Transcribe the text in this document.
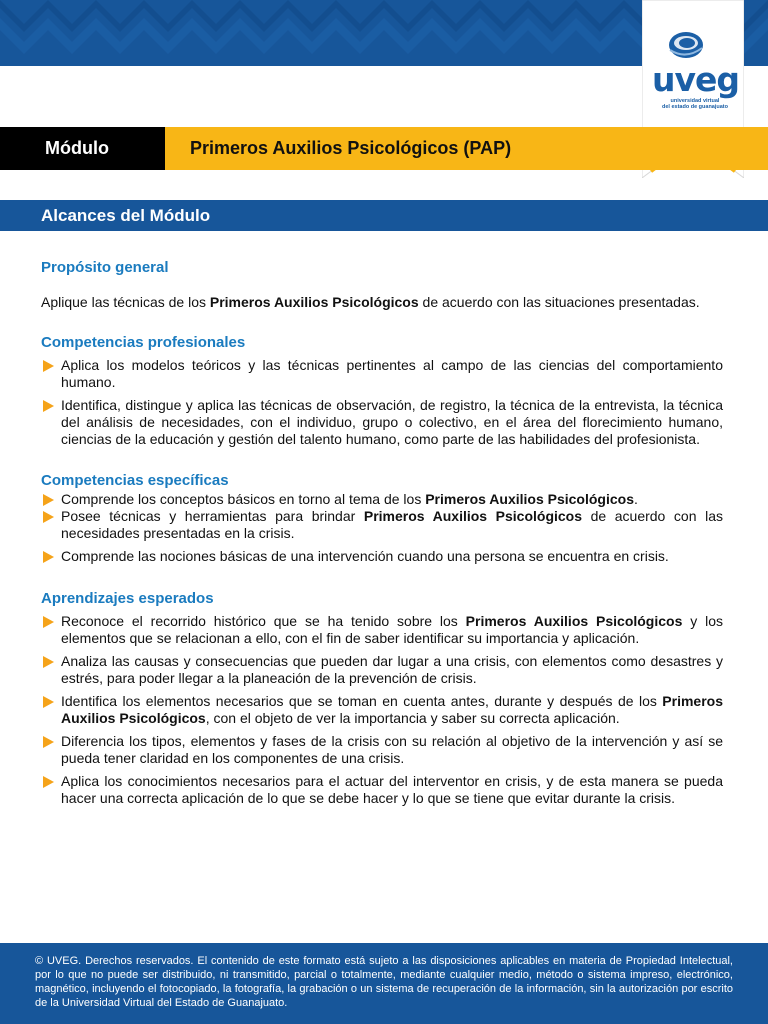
uveg
universidad virtual
del estado de guanajuato
Módulo	Primeros Auxilios Psicológicos (PAP)
Alcances del Módulo
Propósito general

Aplique las técnicas de los Primeros Auxilios Psicológicos de acuerdo con las situaciones presentadas.

Competencias profesionales
Aplica los modelos teóricos y las técnicas pertinentes al campo de las ciencias del comportamiento humano.
Identifica, distingue y aplica las técnicas de observación, de registro, la técnica de la entrevista, la técnica del análisis de necesidades, con el individuo, grupo o colectivo, en el área del florecimiento humano, ciencias de la educación y gestión del talento humano, como parte de las habilidades del profesionista.
Competencias específicas
Comprende los conceptos básicos en torno al tema de los Primeros Auxilios Psicológicos.
Posee técnicas y herramientas para brindar Primeros Auxilios Psicológicos de acuerdo con las necesidades presentadas en la crisis.
Comprende las nociones básicas de una intervención cuando una persona se encuentra en crisis.
Aprendizajes esperados
Reconoce el recorrido histórico que se ha tenido sobre los Primeros Auxilios Psicológicos y los elementos que se relacionan a ello, con el fin de saber identificar su importancia y aplicación.
Analiza las causas y consecuencias que pueden dar lugar a una crisis, con elementos como desastres y estrés, para poder llegar a la planeación de la prevención de crisis.
Identifica los elementos necesarios que se toman en cuenta antes, durante y después de los Primeros Auxilios Psicológicos, con el objeto de ver la importancia y saber su correcta aplicación.
Diferencia los tipos, elementos y fases de la crisis con su relación al objetivo de la intervención y así se pueda tener claridad en los componentes de una crisis.
Aplica los conocimientos necesarios para el actuar del interventor en crisis, y de esta manera se pueda hacer una correcta aplicación de lo que se debe hacer y lo que se tiene que evitar durante la crisis.
© UVEG. Derechos reservados. El contenido de este formato está sujeto a las disposiciones aplicables en materia de Propiedad Intelectual, por lo que no puede ser distribuido, ni transmitido, parcial o totalmente, mediante cualquier medio, método o sistema impreso, electrónico, magnético, incluyendo el fotocopiado, la fotografía, la grabación o un sistema de recuperación de la información, sin la autorización por escrito de la Universidad Virtual del Estado de Guanajuato.
